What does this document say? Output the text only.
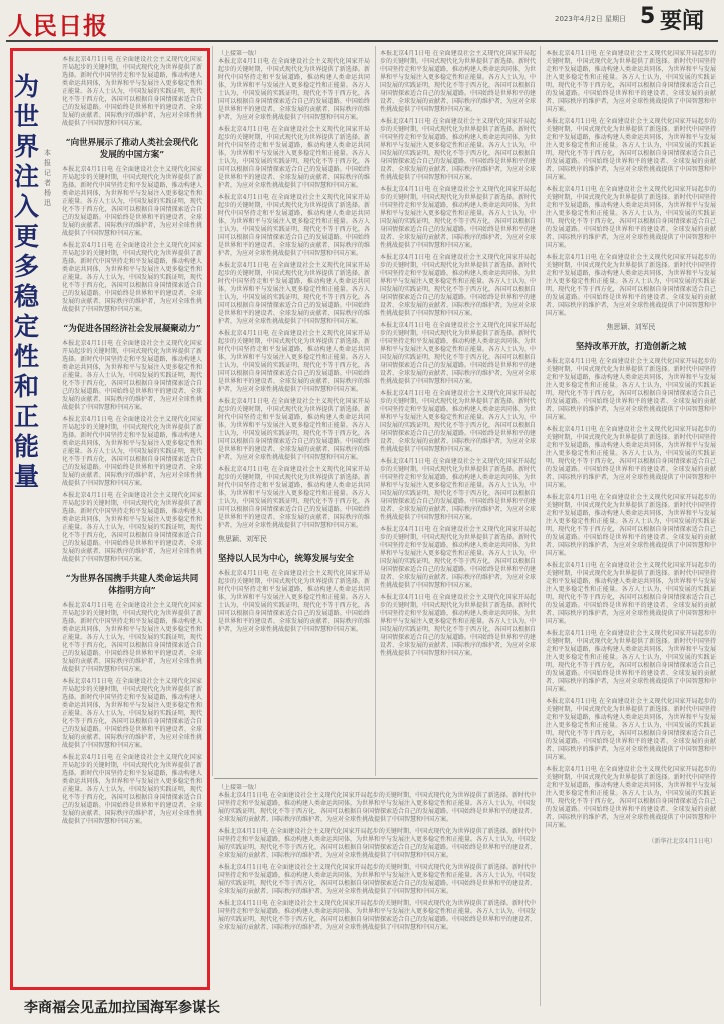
人民日报	2023年4月2日 星期日 5 要闻
为世界注入更多稳定性和正能量
本报记者 杨迅
本报北京4月1日电 在全面建设社会主义现代化国家开局起步的关键时期，中国式现代化为世界提供了新选择。新时代中国坚持走和平发展道路，推动构建人类命运共同体，为世界和平与发展注入更多稳定性和正能量。各方人士认为，中国发展的实践证明，现代化不等于西方化，各国可以根据自身国情探索适合自己的发展道路。中国始终是世界和平的建设者、全球发展的贡献者、国际秩序的维护者，为应对全球性挑战提供了中国智慧和中国方案。
“向世界展示了推动人类社会现代化发展的中国方案”
本报北京4月1日电 在全面建设社会主义现代化国家开局起步的关键时期，中国式现代化为世界提供了新选择。新时代中国坚持走和平发展道路，推动构建人类命运共同体，为世界和平与发展注入更多稳定性和正能量。各方人士认为，中国发展的实践证明，现代化不等于西方化，各国可以根据自身国情探索适合自己的发展道路。中国始终是世界和平的建设者、全球发展的贡献者、国际秩序的维护者，为应对全球性挑战提供了中国智慧和中国方案。
本报北京4月1日电 在全面建设社会主义现代化国家开局起步的关键时期，中国式现代化为世界提供了新选择。新时代中国坚持走和平发展道路，推动构建人类命运共同体，为世界和平与发展注入更多稳定性和正能量。各方人士认为，中国发展的实践证明，现代化不等于西方化，各国可以根据自身国情探索适合自己的发展道路。中国始终是世界和平的建设者、全球发展的贡献者、国际秩序的维护者，为应对全球性挑战提供了中国智慧和中国方案。
“为促进各国经济社会发展凝聚动力”
本报北京4月1日电 在全面建设社会主义现代化国家开局起步的关键时期，中国式现代化为世界提供了新选择。新时代中国坚持走和平发展道路，推动构建人类命运共同体，为世界和平与发展注入更多稳定性和正能量。各方人士认为，中国发展的实践证明，现代化不等于西方化，各国可以根据自身国情探索适合自己的发展道路。中国始终是世界和平的建设者、全球发展的贡献者、国际秩序的维护者，为应对全球性挑战提供了中国智慧和中国方案。
本报北京4月1日电 在全面建设社会主义现代化国家开局起步的关键时期，中国式现代化为世界提供了新选择。新时代中国坚持走和平发展道路，推动构建人类命运共同体，为世界和平与发展注入更多稳定性和正能量。各方人士认为，中国发展的实践证明，现代化不等于西方化，各国可以根据自身国情探索适合自己的发展道路。中国始终是世界和平的建设者、全球发展的贡献者、国际秩序的维护者，为应对全球性挑战提供了中国智慧和中国方案。
本报北京4月1日电 在全面建设社会主义现代化国家开局起步的关键时期，中国式现代化为世界提供了新选择。新时代中国坚持走和平发展道路，推动构建人类命运共同体，为世界和平与发展注入更多稳定性和正能量。各方人士认为，中国发展的实践证明，现代化不等于西方化，各国可以根据自身国情探索适合自己的发展道路。中国始终是世界和平的建设者、全球发展的贡献者、国际秩序的维护者，为应对全球性挑战提供了中国智慧和中国方案。
“为世界各国携手共建人类命运共同体指明方向”
本报北京4月1日电 在全面建设社会主义现代化国家开局起步的关键时期，中国式现代化为世界提供了新选择。新时代中国坚持走和平发展道路，推动构建人类命运共同体，为世界和平与发展注入更多稳定性和正能量。各方人士认为，中国发展的实践证明，现代化不等于西方化，各国可以根据自身国情探索适合自己的发展道路。中国始终是世界和平的建设者、全球发展的贡献者、国际秩序的维护者，为应对全球性挑战提供了中国智慧和中国方案。
本报北京4月1日电 在全面建设社会主义现代化国家开局起步的关键时期，中国式现代化为世界提供了新选择。新时代中国坚持走和平发展道路，推动构建人类命运共同体，为世界和平与发展注入更多稳定性和正能量。各方人士认为，中国发展的实践证明，现代化不等于西方化，各国可以根据自身国情探索适合自己的发展道路。中国始终是世界和平的建设者、全球发展的贡献者、国际秩序的维护者，为应对全球性挑战提供了中国智慧和中国方案。
本报北京4月1日电 在全面建设社会主义现代化国家开局起步的关键时期，中国式现代化为世界提供了新选择。新时代中国坚持走和平发展道路，推动构建人类命运共同体，为世界和平与发展注入更多稳定性和正能量。各方人士认为，中国发展的实践证明，现代化不等于西方化，各国可以根据自身国情探索适合自己的发展道路。中国始终是世界和平的建设者、全球发展的贡献者、国际秩序的维护者，为应对全球性挑战提供了中国智慧和中国方案。
（上接第一版）
本报北京4月1日电 在全面建设社会主义现代化国家开局起步的关键时期，中国式现代化为世界提供了新选择。新时代中国坚持走和平发展道路，推动构建人类命运共同体，为世界和平与发展注入更多稳定性和正能量。各方人士认为，中国发展的实践证明，现代化不等于西方化，各国可以根据自身国情探索适合自己的发展道路。中国始终是世界和平的建设者、全球发展的贡献者、国际秩序的维护者，为应对全球性挑战提供了中国智慧和中国方案。
本报北京4月1日电 在全面建设社会主义现代化国家开局起步的关键时期，中国式现代化为世界提供了新选择。新时代中国坚持走和平发展道路，推动构建人类命运共同体，为世界和平与发展注入更多稳定性和正能量。各方人士认为，中国发展的实践证明，现代化不等于西方化，各国可以根据自身国情探索适合自己的发展道路。中国始终是世界和平的建设者、全球发展的贡献者、国际秩序的维护者，为应对全球性挑战提供了中国智慧和中国方案。
本报北京4月1日电 在全面建设社会主义现代化国家开局起步的关键时期，中国式现代化为世界提供了新选择。新时代中国坚持走和平发展道路，推动构建人类命运共同体，为世界和平与发展注入更多稳定性和正能量。各方人士认为，中国发展的实践证明，现代化不等于西方化，各国可以根据自身国情探索适合自己的发展道路。中国始终是世界和平的建设者、全球发展的贡献者、国际秩序的维护者，为应对全球性挑战提供了中国智慧和中国方案。
本报北京4月1日电 在全面建设社会主义现代化国家开局起步的关键时期，中国式现代化为世界提供了新选择。新时代中国坚持走和平发展道路，推动构建人类命运共同体，为世界和平与发展注入更多稳定性和正能量。各方人士认为，中国发展的实践证明，现代化不等于西方化，各国可以根据自身国情探索适合自己的发展道路。中国始终是世界和平的建设者、全球发展的贡献者、国际秩序的维护者，为应对全球性挑战提供了中国智慧和中国方案。
本报北京4月1日电 在全面建设社会主义现代化国家开局起步的关键时期，中国式现代化为世界提供了新选择。新时代中国坚持走和平发展道路，推动构建人类命运共同体，为世界和平与发展注入更多稳定性和正能量。各方人士认为，中国发展的实践证明，现代化不等于西方化，各国可以根据自身国情探索适合自己的发展道路。中国始终是世界和平的建设者、全球发展的贡献者、国际秩序的维护者，为应对全球性挑战提供了中国智慧和中国方案。
本报北京4月1日电 在全面建设社会主义现代化国家开局起步的关键时期，中国式现代化为世界提供了新选择。新时代中国坚持走和平发展道路，推动构建人类命运共同体，为世界和平与发展注入更多稳定性和正能量。各方人士认为，中国发展的实践证明，现代化不等于西方化，各国可以根据自身国情探索适合自己的发展道路。中国始终是世界和平的建设者、全球发展的贡献者、国际秩序的维护者，为应对全球性挑战提供了中国智慧和中国方案。
本报北京4月1日电 在全面建设社会主义现代化国家开局起步的关键时期，中国式现代化为世界提供了新选择。新时代中国坚持走和平发展道路，推动构建人类命运共同体，为世界和平与发展注入更多稳定性和正能量。各方人士认为，中国发展的实践证明，现代化不等于西方化，各国可以根据自身国情探索适合自己的发展道路。中国始终是世界和平的建设者、全球发展的贡献者、国际秩序的维护者，为应对全球性挑战提供了中国智慧和中国方案。
焦思颖、刘军民
坚持以人民为中心，统筹发展与安全
本报北京4月1日电 在全面建设社会主义现代化国家开局起步的关键时期，中国式现代化为世界提供了新选择。新时代中国坚持走和平发展道路，推动构建人类命运共同体，为世界和平与发展注入更多稳定性和正能量。各方人士认为，中国发展的实践证明，现代化不等于西方化，各国可以根据自身国情探索适合自己的发展道路。中国始终是世界和平的建设者、全球发展的贡献者、国际秩序的维护者，为应对全球性挑战提供了中国智慧和中国方案。
本报北京4月1日电 在全面建设社会主义现代化国家开局起步的关键时期，中国式现代化为世界提供了新选择。新时代中国坚持走和平发展道路，推动构建人类命运共同体，为世界和平与发展注入更多稳定性和正能量。各方人士认为，中国发展的实践证明，现代化不等于西方化，各国可以根据自身国情探索适合自己的发展道路。中国始终是世界和平的建设者、全球发展的贡献者、国际秩序的维护者，为应对全球性挑战提供了中国智慧和中国方案。
本报北京4月1日电 在全面建设社会主义现代化国家开局起步的关键时期，中国式现代化为世界提供了新选择。新时代中国坚持走和平发展道路，推动构建人类命运共同体，为世界和平与发展注入更多稳定性和正能量。各方人士认为，中国发展的实践证明，现代化不等于西方化，各国可以根据自身国情探索适合自己的发展道路。中国始终是世界和平的建设者、全球发展的贡献者、国际秩序的维护者，为应对全球性挑战提供了中国智慧和中国方案。
本报北京4月1日电 在全面建设社会主义现代化国家开局起步的关键时期，中国式现代化为世界提供了新选择。新时代中国坚持走和平发展道路，推动构建人类命运共同体，为世界和平与发展注入更多稳定性和正能量。各方人士认为，中国发展的实践证明，现代化不等于西方化，各国可以根据自身国情探索适合自己的发展道路。中国始终是世界和平的建设者、全球发展的贡献者、国际秩序的维护者，为应对全球性挑战提供了中国智慧和中国方案。
本报北京4月1日电 在全面建设社会主义现代化国家开局起步的关键时期，中国式现代化为世界提供了新选择。新时代中国坚持走和平发展道路，推动构建人类命运共同体，为世界和平与发展注入更多稳定性和正能量。各方人士认为，中国发展的实践证明，现代化不等于西方化，各国可以根据自身国情探索适合自己的发展道路。中国始终是世界和平的建设者、全球发展的贡献者、国际秩序的维护者，为应对全球性挑战提供了中国智慧和中国方案。
本报北京4月1日电 在全面建设社会主义现代化国家开局起步的关键时期，中国式现代化为世界提供了新选择。新时代中国坚持走和平发展道路，推动构建人类命运共同体，为世界和平与发展注入更多稳定性和正能量。各方人士认为，中国发展的实践证明，现代化不等于西方化，各国可以根据自身国情探索适合自己的发展道路。中国始终是世界和平的建设者、全球发展的贡献者、国际秩序的维护者，为应对全球性挑战提供了中国智慧和中国方案。
本报北京4月1日电 在全面建设社会主义现代化国家开局起步的关键时期，中国式现代化为世界提供了新选择。新时代中国坚持走和平发展道路，推动构建人类命运共同体，为世界和平与发展注入更多稳定性和正能量。各方人士认为，中国发展的实践证明，现代化不等于西方化，各国可以根据自身国情探索适合自己的发展道路。中国始终是世界和平的建设者、全球发展的贡献者、国际秩序的维护者，为应对全球性挑战提供了中国智慧和中国方案。
本报北京4月1日电 在全面建设社会主义现代化国家开局起步的关键时期，中国式现代化为世界提供了新选择。新时代中国坚持走和平发展道路，推动构建人类命运共同体，为世界和平与发展注入更多稳定性和正能量。各方人士认为，中国发展的实践证明，现代化不等于西方化，各国可以根据自身国情探索适合自己的发展道路。中国始终是世界和平的建设者、全球发展的贡献者、国际秩序的维护者，为应对全球性挑战提供了中国智慧和中国方案。
本报北京4月1日电 在全面建设社会主义现代化国家开局起步的关键时期，中国式现代化为世界提供了新选择。新时代中国坚持走和平发展道路，推动构建人类命运共同体，为世界和平与发展注入更多稳定性和正能量。各方人士认为，中国发展的实践证明，现代化不等于西方化，各国可以根据自身国情探索适合自己的发展道路。中国始终是世界和平的建设者、全球发展的贡献者、国际秩序的维护者，为应对全球性挑战提供了中国智慧和中国方案。
本报北京4月1日电 在全面建设社会主义现代化国家开局起步的关键时期，中国式现代化为世界提供了新选择。新时代中国坚持走和平发展道路，推动构建人类命运共同体，为世界和平与发展注入更多稳定性和正能量。各方人士认为，中国发展的实践证明，现代化不等于西方化，各国可以根据自身国情探索适合自己的发展道路。中国始终是世界和平的建设者、全球发展的贡献者、国际秩序的维护者，为应对全球性挑战提供了中国智慧和中国方案。
本报北京4月1日电 在全面建设社会主义现代化国家开局起步的关键时期，中国式现代化为世界提供了新选择。新时代中国坚持走和平发展道路，推动构建人类命运共同体，为世界和平与发展注入更多稳定性和正能量。各方人士认为，中国发展的实践证明，现代化不等于西方化，各国可以根据自身国情探索适合自己的发展道路。中国始终是世界和平的建设者、全球发展的贡献者、国际秩序的维护者，为应对全球性挑战提供了中国智慧和中国方案。
本报北京4月1日电 在全面建设社会主义现代化国家开局起步的关键时期，中国式现代化为世界提供了新选择。新时代中国坚持走和平发展道路，推动构建人类命运共同体，为世界和平与发展注入更多稳定性和正能量。各方人士认为，中国发展的实践证明，现代化不等于西方化，各国可以根据自身国情探索适合自己的发展道路。中国始终是世界和平的建设者、全球发展的贡献者、国际秩序的维护者，为应对全球性挑战提供了中国智慧和中国方案。
本报北京4月1日电 在全面建设社会主义现代化国家开局起步的关键时期，中国式现代化为世界提供了新选择。新时代中国坚持走和平发展道路，推动构建人类命运共同体，为世界和平与发展注入更多稳定性和正能量。各方人士认为，中国发展的实践证明，现代化不等于西方化，各国可以根据自身国情探索适合自己的发展道路。中国始终是世界和平的建设者、全球发展的贡献者、国际秩序的维护者，为应对全球性挑战提供了中国智慧和中国方案。
本报北京4月1日电 在全面建设社会主义现代化国家开局起步的关键时期，中国式现代化为世界提供了新选择。新时代中国坚持走和平发展道路，推动构建人类命运共同体，为世界和平与发展注入更多稳定性和正能量。各方人士认为，中国发展的实践证明，现代化不等于西方化，各国可以根据自身国情探索适合自己的发展道路。中国始终是世界和平的建设者、全球发展的贡献者、国际秩序的维护者，为应对全球性挑战提供了中国智慧和中国方案。
焦思颖、刘军民
坚持改革开放，打造创新之城
本报北京4月1日电 在全面建设社会主义现代化国家开局起步的关键时期，中国式现代化为世界提供了新选择。新时代中国坚持走和平发展道路，推动构建人类命运共同体，为世界和平与发展注入更多稳定性和正能量。各方人士认为，中国发展的实践证明，现代化不等于西方化，各国可以根据自身国情探索适合自己的发展道路。中国始终是世界和平的建设者、全球发展的贡献者、国际秩序的维护者，为应对全球性挑战提供了中国智慧和中国方案。
本报北京4月1日电 在全面建设社会主义现代化国家开局起步的关键时期，中国式现代化为世界提供了新选择。新时代中国坚持走和平发展道路，推动构建人类命运共同体，为世界和平与发展注入更多稳定性和正能量。各方人士认为，中国发展的实践证明，现代化不等于西方化，各国可以根据自身国情探索适合自己的发展道路。中国始终是世界和平的建设者、全球发展的贡献者、国际秩序的维护者，为应对全球性挑战提供了中国智慧和中国方案。
本报北京4月1日电 在全面建设社会主义现代化国家开局起步的关键时期，中国式现代化为世界提供了新选择。新时代中国坚持走和平发展道路，推动构建人类命运共同体，为世界和平与发展注入更多稳定性和正能量。各方人士认为，中国发展的实践证明，现代化不等于西方化，各国可以根据自身国情探索适合自己的发展道路。中国始终是世界和平的建设者、全球发展的贡献者、国际秩序的维护者，为应对全球性挑战提供了中国智慧和中国方案。
本报北京4月1日电 在全面建设社会主义现代化国家开局起步的关键时期，中国式现代化为世界提供了新选择。新时代中国坚持走和平发展道路，推动构建人类命运共同体，为世界和平与发展注入更多稳定性和正能量。各方人士认为，中国发展的实践证明，现代化不等于西方化，各国可以根据自身国情探索适合自己的发展道路。中国始终是世界和平的建设者、全球发展的贡献者、国际秩序的维护者，为应对全球性挑战提供了中国智慧和中国方案。
本报北京4月1日电 在全面建设社会主义现代化国家开局起步的关键时期，中国式现代化为世界提供了新选择。新时代中国坚持走和平发展道路，推动构建人类命运共同体，为世界和平与发展注入更多稳定性和正能量。各方人士认为，中国发展的实践证明，现代化不等于西方化，各国可以根据自身国情探索适合自己的发展道路。中国始终是世界和平的建设者、全球发展的贡献者、国际秩序的维护者，为应对全球性挑战提供了中国智慧和中国方案。
本报北京4月1日电 在全面建设社会主义现代化国家开局起步的关键时期，中国式现代化为世界提供了新选择。新时代中国坚持走和平发展道路，推动构建人类命运共同体，为世界和平与发展注入更多稳定性和正能量。各方人士认为，中国发展的实践证明，现代化不等于西方化，各国可以根据自身国情探索适合自己的发展道路。中国始终是世界和平的建设者、全球发展的贡献者、国际秩序的维护者，为应对全球性挑战提供了中国智慧和中国方案。
本报北京4月1日电 在全面建设社会主义现代化国家开局起步的关键时期，中国式现代化为世界提供了新选择。新时代中国坚持走和平发展道路，推动构建人类命运共同体，为世界和平与发展注入更多稳定性和正能量。各方人士认为，中国发展的实践证明，现代化不等于西方化，各国可以根据自身国情探索适合自己的发展道路。中国始终是世界和平的建设者、全球发展的贡献者、国际秩序的维护者，为应对全球性挑战提供了中国智慧和中国方案。
（新华社北京4月1日电）
（上接第一版）
本报北京4月1日电 在全面建设社会主义现代化国家开局起步的关键时期，中国式现代化为世界提供了新选择。新时代中国坚持走和平发展道路，推动构建人类命运共同体，为世界和平与发展注入更多稳定性和正能量。各方人士认为，中国发展的实践证明，现代化不等于西方化，各国可以根据自身国情探索适合自己的发展道路。中国始终是世界和平的建设者、全球发展的贡献者、国际秩序的维护者，为应对全球性挑战提供了中国智慧和中国方案。
本报北京4月1日电 在全面建设社会主义现代化国家开局起步的关键时期，中国式现代化为世界提供了新选择。新时代中国坚持走和平发展道路，推动构建人类命运共同体，为世界和平与发展注入更多稳定性和正能量。各方人士认为，中国发展的实践证明，现代化不等于西方化，各国可以根据自身国情探索适合自己的发展道路。中国始终是世界和平的建设者、全球发展的贡献者、国际秩序的维护者，为应对全球性挑战提供了中国智慧和中国方案。
本报北京4月1日电 在全面建设社会主义现代化国家开局起步的关键时期，中国式现代化为世界提供了新选择。新时代中国坚持走和平发展道路，推动构建人类命运共同体，为世界和平与发展注入更多稳定性和正能量。各方人士认为，中国发展的实践证明，现代化不等于西方化，各国可以根据自身国情探索适合自己的发展道路。中国始终是世界和平的建设者、全球发展的贡献者、国际秩序的维护者，为应对全球性挑战提供了中国智慧和中国方案。
本报北京4月1日电 在全面建设社会主义现代化国家开局起步的关键时期，中国式现代化为世界提供了新选择。新时代中国坚持走和平发展道路，推动构建人类命运共同体，为世界和平与发展注入更多稳定性和正能量。各方人士认为，中国发展的实践证明，现代化不等于西方化，各国可以根据自身国情探索适合自己的发展道路。中国始终是世界和平的建设者、全球发展的贡献者、国际秩序的维护者，为应对全球性挑战提供了中国智慧和中国方案。
李商福会见孟加拉国海军参谋长
